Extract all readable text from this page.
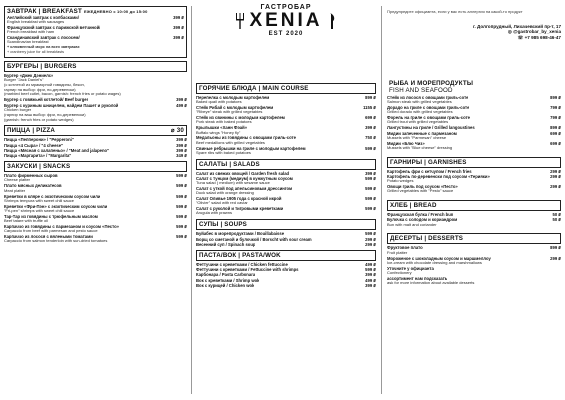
ЗАВТРАК | BREAKFAST ЕЖЕДНЕВНО с 10:00 до 15:00
Английский завтрак с колбасками/	399 ₽
English breakfast with sausages
Французский завтрак с парижской ветчиной/	399 ₽
French breakfast with ham
Скандинавский завтрак с лососем/	399 ₽
Scandinavian breakfast
+ клюквенный морс на всех завтраках
+ cranberry juice for all breakfasts
БУРГЕРЫ | BURGERS
Бургер «Джек Дэниелс»
Burger "Jack Daniel's"
(с котлетой из мраморной говядины, бекон,
гарнир на выбор: фри, по-деревенски)
(marbled beef cutlet, bacon, garnish: french fries or potato wages)
Бургер с говяжьей котлетой/ Beef burger	399 ₽
Бургер с куриным шницелем, найдем Пашет и руколой	499 ₽
Chicken burger
(гарнир на ваш выбор: фри, по-деревенски)
(garnish: french fries or potato wedges)
ПИЦЦА | PIZZA	⌀ 30
Пицца «Пепперони» / "Pepperoni"	399 ₽
Пицца «4 Сыра» / "4 cheese"	399 ₽
Пицца «Мясная с халапеньо» / "Meat and jalapeno"	399 ₽
Пицца «Маргарита» / "Margarita"	349 ₽
ЗАКУСКИ | SNACKS
Плато фирменных сыров	599 ₽
Cheese platter
Плато мясных деликатесов	599 ₽
Meat platter
Креветки в кляре с экзотическим соусом чили	599 ₽
Shrimps tempura with sweet chili sauce
Креветки «Фри-Пэн» с экзотическим соусом чили	599 ₽
"Fri-pen" shrimps with sweet chili sauce
Тар-Тар из говядины с трюфельным маслом	599 ₽
Beef tatare with truffle oil
Карпаччо из говядины с пармезаном и соусом «Песто»	599 ₽
Carpaccio from beef with parmesan and pesto sauce
Карпаччо из лосося с вялеными томатами	599 ₽
Carpaccio from salmon tenderloin with sun-dried tomatoes
ГАСТРОБАР
XENIA
EST 2020
ГОРЯЧИЕ БЛЮДА | MAIN COURSE
Перепелка с молодым картофелем	899 ₽
Baked quail with potatoes
Стейк Рибай с молодым картофелем	1155 ₽
"Ribeye" steak with grilled vegetables
Стейк из свинины с молодым картофелем	699 ₽
Pork steak with baked potatoes
Крылышки «Ханн Фэай»	399 ₽
Buffalo wings "Honey fly"
Медальоны из говядины с овощами гриль-соте	750 ₽
Beef medallions with grilled vegetables
Свиные ребрышки на гриле с молодым картофелем	599 ₽
Spare ribs with baked potatoes
САЛАТЫ | SALADS
Салат из свежих овощей / Garden fresh salad	399 ₽
Салат с тунцом (медиум) в кунжутным соусом	599 ₽
Tuna salad ( medium) with sesame sauce
Салат с уткой под апельсиновым дрессингом	599 ₽
Duck salad with orange dressing
Салат Оливье 1905 года с красной икрой	599 ₽
"Olivier" salad with red caviar
Салат с руколой и тигровыми креветками	599 ₽
Arugula with prawns
СУПЫ | SOUPS
Буйабес в морепродуктами / Bouillabaisse	599 ₽
Борщ со сметаной и булочкой / Borscht with sour cream	299 ₽
Весенний суп / Spinach soup	299 ₽
ПАСТА/ВОК | PASTA/WOK
Феттучини с креветками / Chicken fettuccine	499 ₽
Феттучини с креветками / Fettuccine with shrimps	599 ₽
Карбонара / Pasta Carbonara	399 ₽
Вок с креветками / Shrimp wok	499 ₽
Вок с курицей / Chicken wok	399 ₽
Предупредите официанта, если у вас есть аллергия на какой-то продукт
г. Долгопрудный, Лихачевский пр-т, 17
◎ @gastrobar_by_xenia
☏ +7 985 698-46-47
РЫБА И МОРЕПРОДУКТЫ
FISH AND SEAFOOD
Стейк из лосося с овощами гриль-соте	899 ₽
Salmon steak with grilled vegetables
Дорадо на гриле с овощами гриль-соте	799 ₽
Grilled dorado with grilled vegetables
Форель на гриле с овощами гриль-соте	799 ₽
Grilled trout with grilled vegetables
Лангустины на гриле / Grilled langoustines	899 ₽
Мидии запеченные с пармезаном	699 ₽
Mussels with "Parmesan" cheese
Мидии «Блю Чиз»	699 ₽
Mussels with "Blue cheese" dressing
ГАРНИРЫ | GARNISHES
Картофель фри с кетчупом / French fries	299 ₽
Картофель по-деревенски под соусом «Терияки»	299 ₽
Potato wedges
Овощи гриль под соусом «Песто»	299 ₽
Grilled vegetables with "Pesto" sauce
ХЛЕБ | BREAD
Французская булка / French bun	50 ₽
Булочка с солодом и кориандром	50 ₽
Bun with malt and coriander
ДЕСЕРТЫ | DESSERTS
Фруктовое плато	899 ₽
Fruit platter
Мороженое с шоколадным соусом и маршмеллоу	299 ₽
Ice-cream with chocolate dressing and marshmallows
Уточните у официанта
Confectionery
ассортимент нам подсказать
ask for more information about available desserts
